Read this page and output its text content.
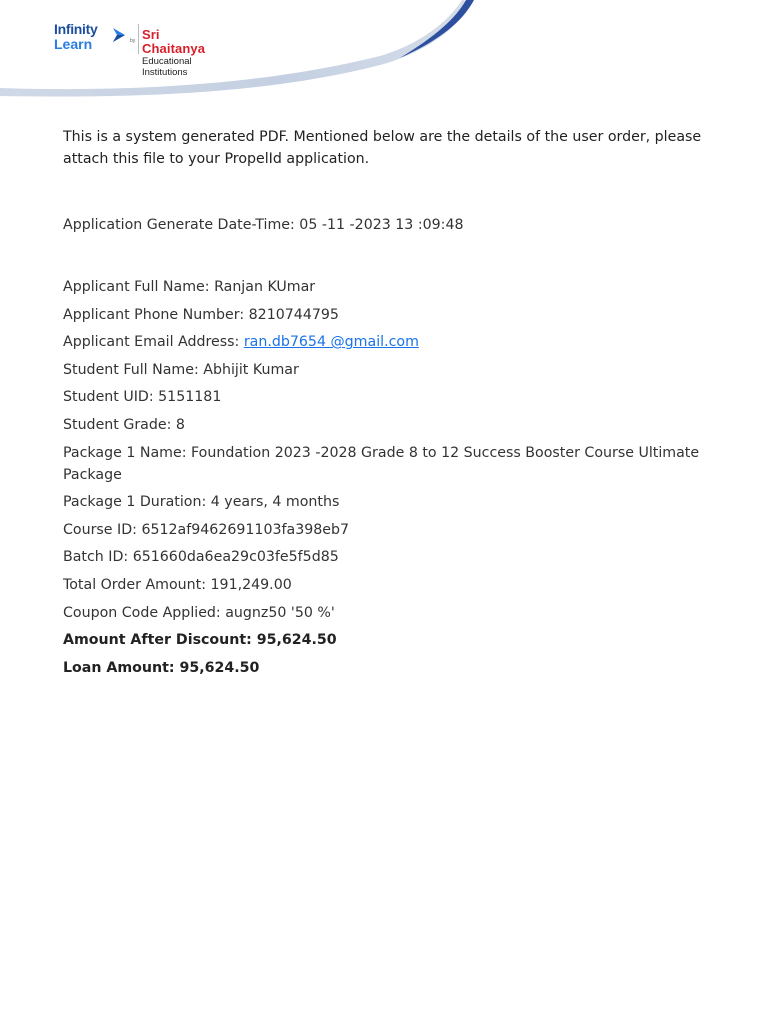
Infinity
Learn	by Sri Chaitanya
Educational Institutions

This is a system generated PDF. Mentioned below are the details of the user order, please attach this file to your PropelId application.

Application Generate Date-Time: 05 -11 -2023 13 :09:48

Applicant Full Name: Ranjan KUmar

Applicant Phone Number: 8210744795

Applicant Email Address: ran.db7654 @gmail.com

Student Full Name: Abhijit Kumar

Student UID: 5151181

Student Grade: 8

Package 1 Name: Foundation 2023 -2028 Grade 8 to 12 Success Booster Course Ultimate Package

Package 1 Duration: 4 years, 4 months

Course ID: 6512af9462691103fa398eb7

Batch ID: 651660da6ea29c03fe5f5d85

Total Order Amount: 191,249.00

Coupon Code Applied: augnz50 '50 %'

Amount After Discount: 95,624.50

Loan Amount: 95,624.50
